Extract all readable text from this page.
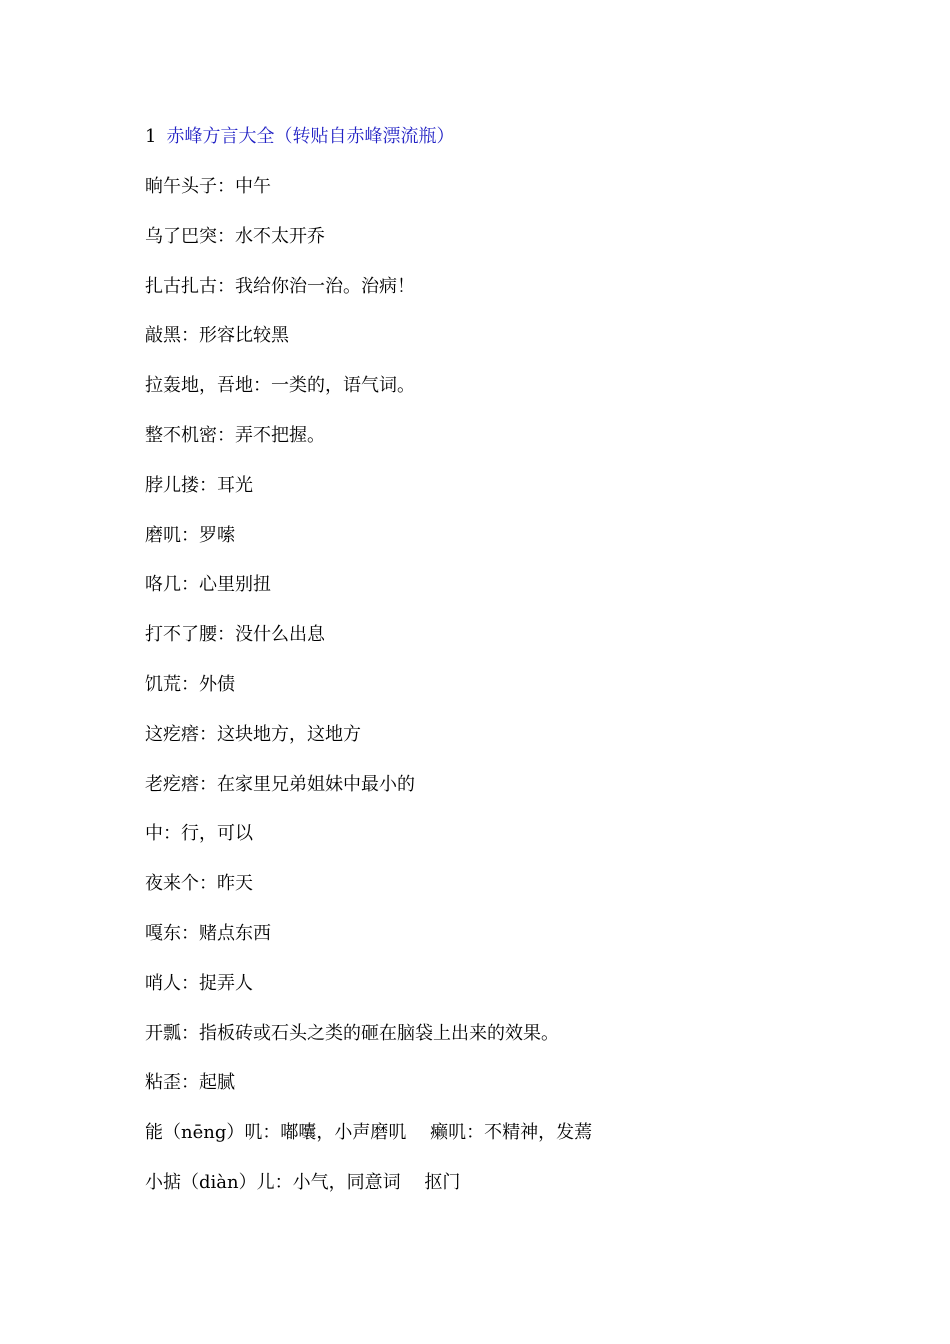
1 赤峰方言大全（转贴自赤峰漂流瓶）
晌午头子：中午
乌了巴突：水不太开乔
扎古扎古：我给你治一治。治病！
敲黑：形容比较黑
拉轰地，吾地：一类的，语气词。
整不机密：弄不把握。
脖儿搂：耳光
磨叽：罗嗦
咯几：心里别扭
打不了腰：没什么出息
饥荒：外债
这疙瘩：这块地方，这地方
老疙瘩：在家里兄弟姐妹中最小的
中：行，可以
夜来个：昨天
嘎东：赌点东西
哨人：捉弄人
开瓢：指板砖或石头之类的砸在脑袋上出来的效果。
粘歪：起腻
能（nēng）叽：嘟囔，小声磨叽　 癞叽：不精神，发蔫
小掂（diàn）儿：小气，同意词　 抠门
